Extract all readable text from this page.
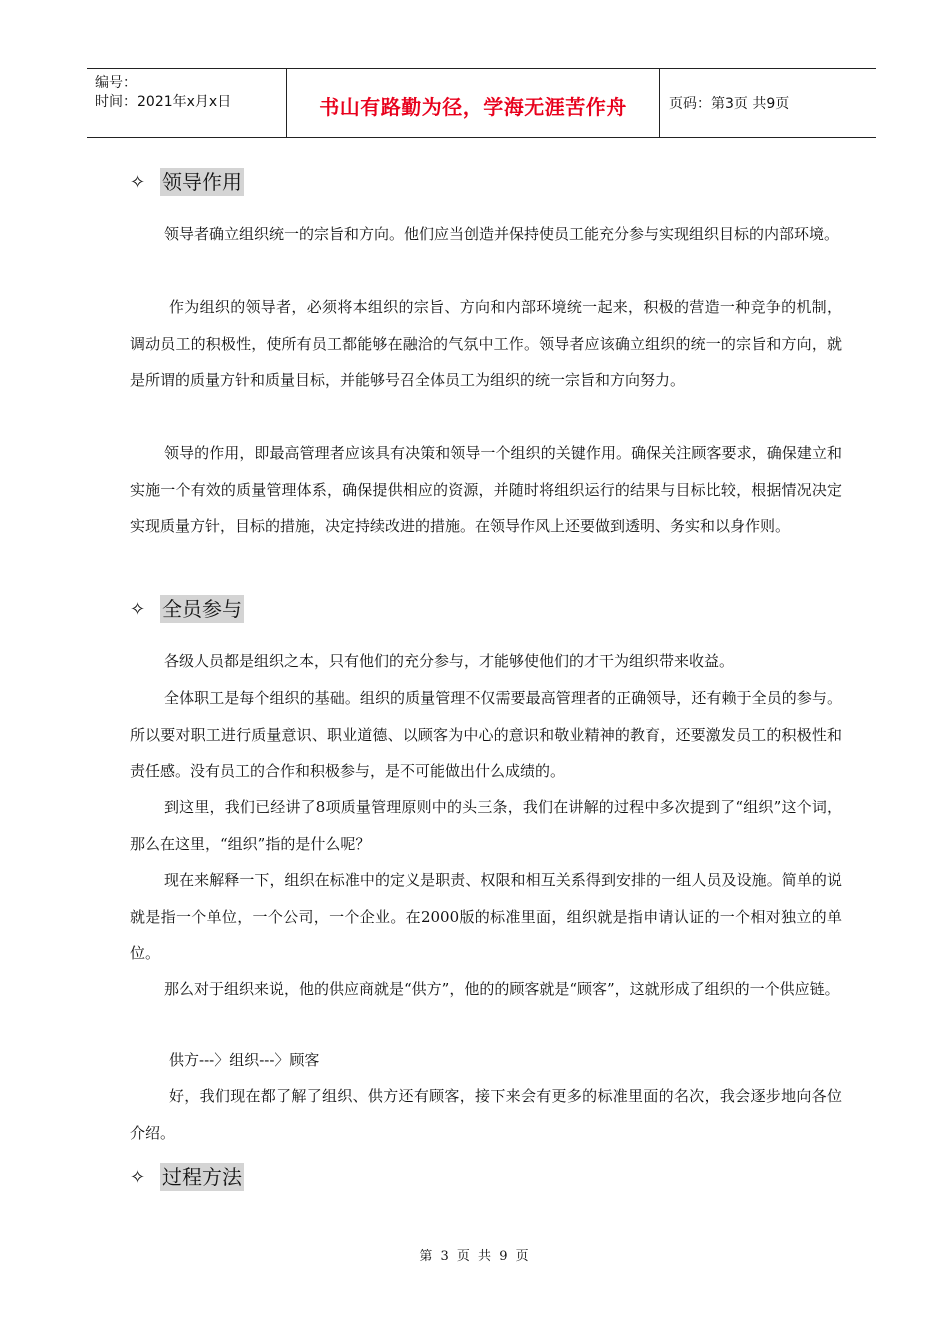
编号：
时间：2021年x月x日	书山有路勤为径，学海无涯苦作舟	页码：第3页 共9页
✧ 领导作用
领导者确立组织统一的宗旨和方向。他们应当创造并保持使员工能充分参与实现组织目标的内部环境。
作为组织的领导者，必须将本组织的宗旨、方向和内部环境统一起来，积极的营造一种竞争的机制，调动员工的积极性，使所有员工都能够在融洽的气氛中工作。领导者应该确立组织的统一的宗旨和方向，就是所谓的质量方针和质量目标，并能够号召全体员工为组织的统一宗旨和方向努力。
领导的作用，即最高管理者应该具有决策和领导一个组织的关键作用。确保关注顾客要求，确保建立和实施一个有效的质量管理体系，确保提供相应的资源，并随时将组织运行的结果与目标比较，根据情况决定实现质量方针，目标的措施，决定持续改进的措施。在领导作风上还要做到透明、务实和以身作则。
✧ 全员参与
各级人员都是组织之本，只有他们的充分参与，才能够使他们的才干为组织带来收益。
全体职工是每个组织的基础。组织的质量管理不仅需要最高管理者的正确领导，还有赖于全员的参与。所以要对职工进行质量意识、职业道德、以顾客为中心的意识和敬业精神的教育，还要激发员工的积极性和责任感。没有员工的合作和积极参与，是不可能做出什么成绩的。
到这里，我们已经讲了8项质量管理原则中的头三条，我们在讲解的过程中多次提到了“组织”这个词，那么在这里，“组织”指的是什么呢？
现在来解释一下，组织在标准中的定义是职责、权限和相互关系得到安排的一组人员及设施。简单的说就是指一个单位，一个公司，一个企业。在2000版的标准里面，组织就是指申请认证的一个相对独立的单位。
那么对于组织来说，他的供应商就是“供方”，他的的顾客就是“顾客”，这就形成了组织的一个供应链。
供方---〉组织---〉顾客
好，我们现在都了解了组织、供方还有顾客，接下来会有更多的标准里面的名次，我会逐步地向各位介绍。
✧ 过程方法
第 3 页 共 9 页
